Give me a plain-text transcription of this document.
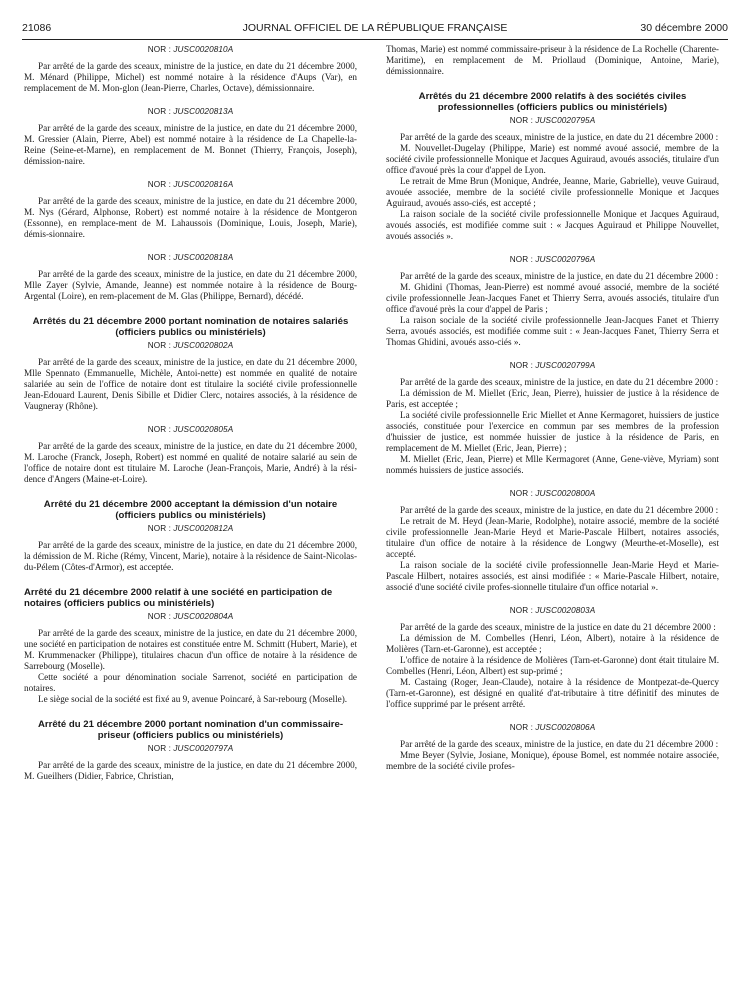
21086	JOURNAL OFFICIEL DE LA RÉPUBLIQUE FRANÇAISE	30 décembre 2000
NOR : JUSC0020810A

Par arrêté de la garde des sceaux, ministre de la justice, en date du 21 décembre 2000, M. Ménard (Philippe, Michel) est nommé notaire à la résidence d'Aups (Var), en remplacement de M. Mon-glon (Jean-Pierre, Charles, Octave), démissionnaire.

NOR : JUSC0020813A

Par arrêté de la garde des sceaux, ministre de la justice, en date du 21 décembre 2000, M. Gressier (Alain, Pierre, Abel) est nommé notaire à la résidence de La Chapelle-la-Reine (Seine-et-Marne), en remplacement de M. Bonnet (Thierry, François, Joseph), démission-naire.

NOR : JUSC0020816A

Par arrêté de la garde des sceaux, ministre de la justice, en date du 21 décembre 2000, M. Nys (Gérard, Alphonse, Robert) est nommé notaire à la résidence de Montgeron (Essonne), en remplace-ment de M. Lahaussois (Dominique, Louis, Joseph, Marie), démis-sionnaire.

NOR : JUSC0020818A

Par arrêté de la garde des sceaux, ministre de la justice, en date du 21 décembre 2000, Mlle Zayer (Sylvie, Amande, Jeanne) est nommée notaire à la résidence de Bourg-Argental (Loire), en rem-placement de M. Glas (Philippe, Bernard), décédé.

Arrêtés du 21 décembre 2000 portant nomination de notaires salariés (officiers publics ou ministériels)
NOR : JUSC0020802A

Par arrêté de la garde des sceaux, ministre de la justice, en date du 21 décembre 2000, Mlle Spennato (Emmanuelle, Michèle, Antoi-nette) est nommée en qualité de notaire salariée au sein de l'office de notaire dont est titulaire la société civile professionnelle Jean-Edouard Laurent, Denis Sibille et Didier Clerc, notaires associés, à la résidence de Vaugneray (Rhône).

NOR : JUSC0020805A

Par arrêté de la garde des sceaux, ministre de la justice, en date du 21 décembre 2000, M. Laroche (Franck, Joseph, Robert) est nommé en qualité de notaire salarié au sein de l'office de notaire dont est titulaire M. Laroche (Jean-François, Marie, André) à la rési-dence d'Angers (Maine-et-Loire).

Arrêté du 21 décembre 2000 acceptant la démission d'un notaire (officiers publics ou ministériels)
NOR : JUSC0020812A

Par arrêté de la garde des sceaux, ministre de la justice, en date du 21 décembre 2000, la démission de M. Riche (Rémy, Vincent, Marie), notaire à la résidence de Saint-Nicolas-du-Pélem (Côtes-d'Armor), est acceptée.

Arrêté du 21 décembre 2000 relatif à une société en participation de notaires (officiers publics ou ministériels)
NOR : JUSC0020804A

Par arrêté de la garde des sceaux, ministre de la justice, en date du 21 décembre 2000, une société en participation de notaires est constituée entre M. Schmitt (Hubert, Marie), et M. Krummenacker (Philippe), titulaires chacun d'un office de notaire à la résidence de Sarrebourg (Moselle).

Cette société a pour dénomination sociale Sarrenot, société en participation de notaires.

Le siège social de la société est fixé au 9, avenue Poincaré, à Sar-rebourg (Moselle).

Arrêté du 21 décembre 2000 portant nomination d'un commissaire-priseur (officiers publics ou ministériels)
NOR : JUSC0020797A

Par arrêté de la garde des sceaux, ministre de la justice, en date du 21 décembre 2000, M. Gueilhers (Didier, Fabrice, Christian,

Thomas, Marie) est nommé commissaire-priseur à la résidence de La Rochelle (Charente-Maritime), en remplacement de M. Priollaud (Dominique, Antoine, Marie), démissionnaire.

Arrêtés du 21 décembre 2000 relatifs à des sociétés civiles professionnelles (officiers publics ou ministériels)
NOR : JUSC0020795A

Par arrêté de la garde des sceaux, ministre de la justice, en date du 21 décembre 2000 :

M. Nouvellet-Dugelay (Philippe, Marie) est nommé avoué associé, membre de la société civile professionnelle Monique et Jacques Aguiraud, avoués associés, titulaire d'un office d'avoué près la cour d'appel de Lyon.

Le retrait de Mme Brun (Monique, Andrée, Jeanne, Marie, Gabrielle), veuve Guiraud, avouée associée, membre de la société civile professionnelle Monique et Jacques Aguiraud, avoués asso-ciés, est accepté ;

La raison sociale de la société civile professionnelle Monique et Jacques Aguiraud, avoués associés, est modifiée comme suit : « Jacques Aguiraud et Philippe Nouvellet, avoués associés ».

NOR : JUSC0020796A

Par arrêté de la garde des sceaux, ministre de la justice, en date du 21 décembre 2000 :

M. Ghidini (Thomas, Jean-Pierre) est nommé avoué associé, membre de la société civile professionnelle Jean-Jacques Fanet et Thierry Serra, avoués associés, titulaire d'un office d'avoué près la cour d'appel de Paris ;

La raison sociale de la société civile professionnelle Jean-Jacques Fanet et Thierry Serra, avoués associés, est modifiée comme suit : « Jean-Jacques Fanet, Thierry Serra et Thomas Ghidini, avoués asso-ciés ».

NOR : JUSC0020799A

Par arrêté de la garde des sceaux, ministre de la justice, en date du 21 décembre 2000 :

La démission de M. Miellet (Eric, Jean, Pierre), huissier de justice à la résidence de Paris, est acceptée ;

La société civile professionnelle Eric Miellet et Anne Kermagoret, huissiers de justice associés, constituée pour l'exercice en commun par ses membres de la profession d'huissier de justice, est nommée huissier de justice à la résidence de Paris, en remplacement de M. Miellet (Eric, Jean, Pierre) ;

M. Miellet (Eric, Jean, Pierre) et Mlle Kermagoret (Anne, Gene-viève, Myriam) sont nommés huissiers de justice associés.

NOR : JUSC0020800A

Par arrêté de la garde des sceaux, ministre de la justice, en date du 21 décembre 2000 :

Le retrait de M. Heyd (Jean-Marie, Rodolphe), notaire associé, membre de la société civile professionnelle Jean-Marie Heyd et Marie-Pascale Hilbert, notaires associés, titulaire d'un office de notaire à la résidence de Longwy (Meurthe-et-Moselle), est accepté.

La raison sociale de la société civile professionnelle Jean-Marie Heyd et Marie-Pascale Hilbert, notaires associés, est ainsi modifiée : « Marie-Pascale Hilbert, notaire, associé d'une société civile profes-sionnelle titulaire d'un office notarial ».

NOR : JUSC0020803A

Par arrêté de la garde des sceaux, ministre de la justice en date du 21 décembre 2000 :

La démission de M. Combelles (Henri, Léon, Albert), notaire à la résidence de Molières (Tarn-et-Garonne), est acceptée ;

L'office de notaire à la résidence de Molières (Tarn-et-Garonne) dont était titulaire M. Combelles (Henri, Léon, Albert) est sup-primé ;

M. Castaing (Roger, Jean-Claude), notaire à la résidence de Montpezat-de-Quercy (Tarn-et-Garonne), est désigné en qualité d'at-tributaire à titre définitif des minutes de l'office supprimé par le présent arrêté.

NOR : JUSC0020806A

Par arrêté de la garde des sceaux, ministre de la justice, en date du 21 décembre 2000 :

Mme Beyer (Sylvie, Josiane, Monique), épouse Bomel, est nommée notaire associée, membre de la société civile profes-
